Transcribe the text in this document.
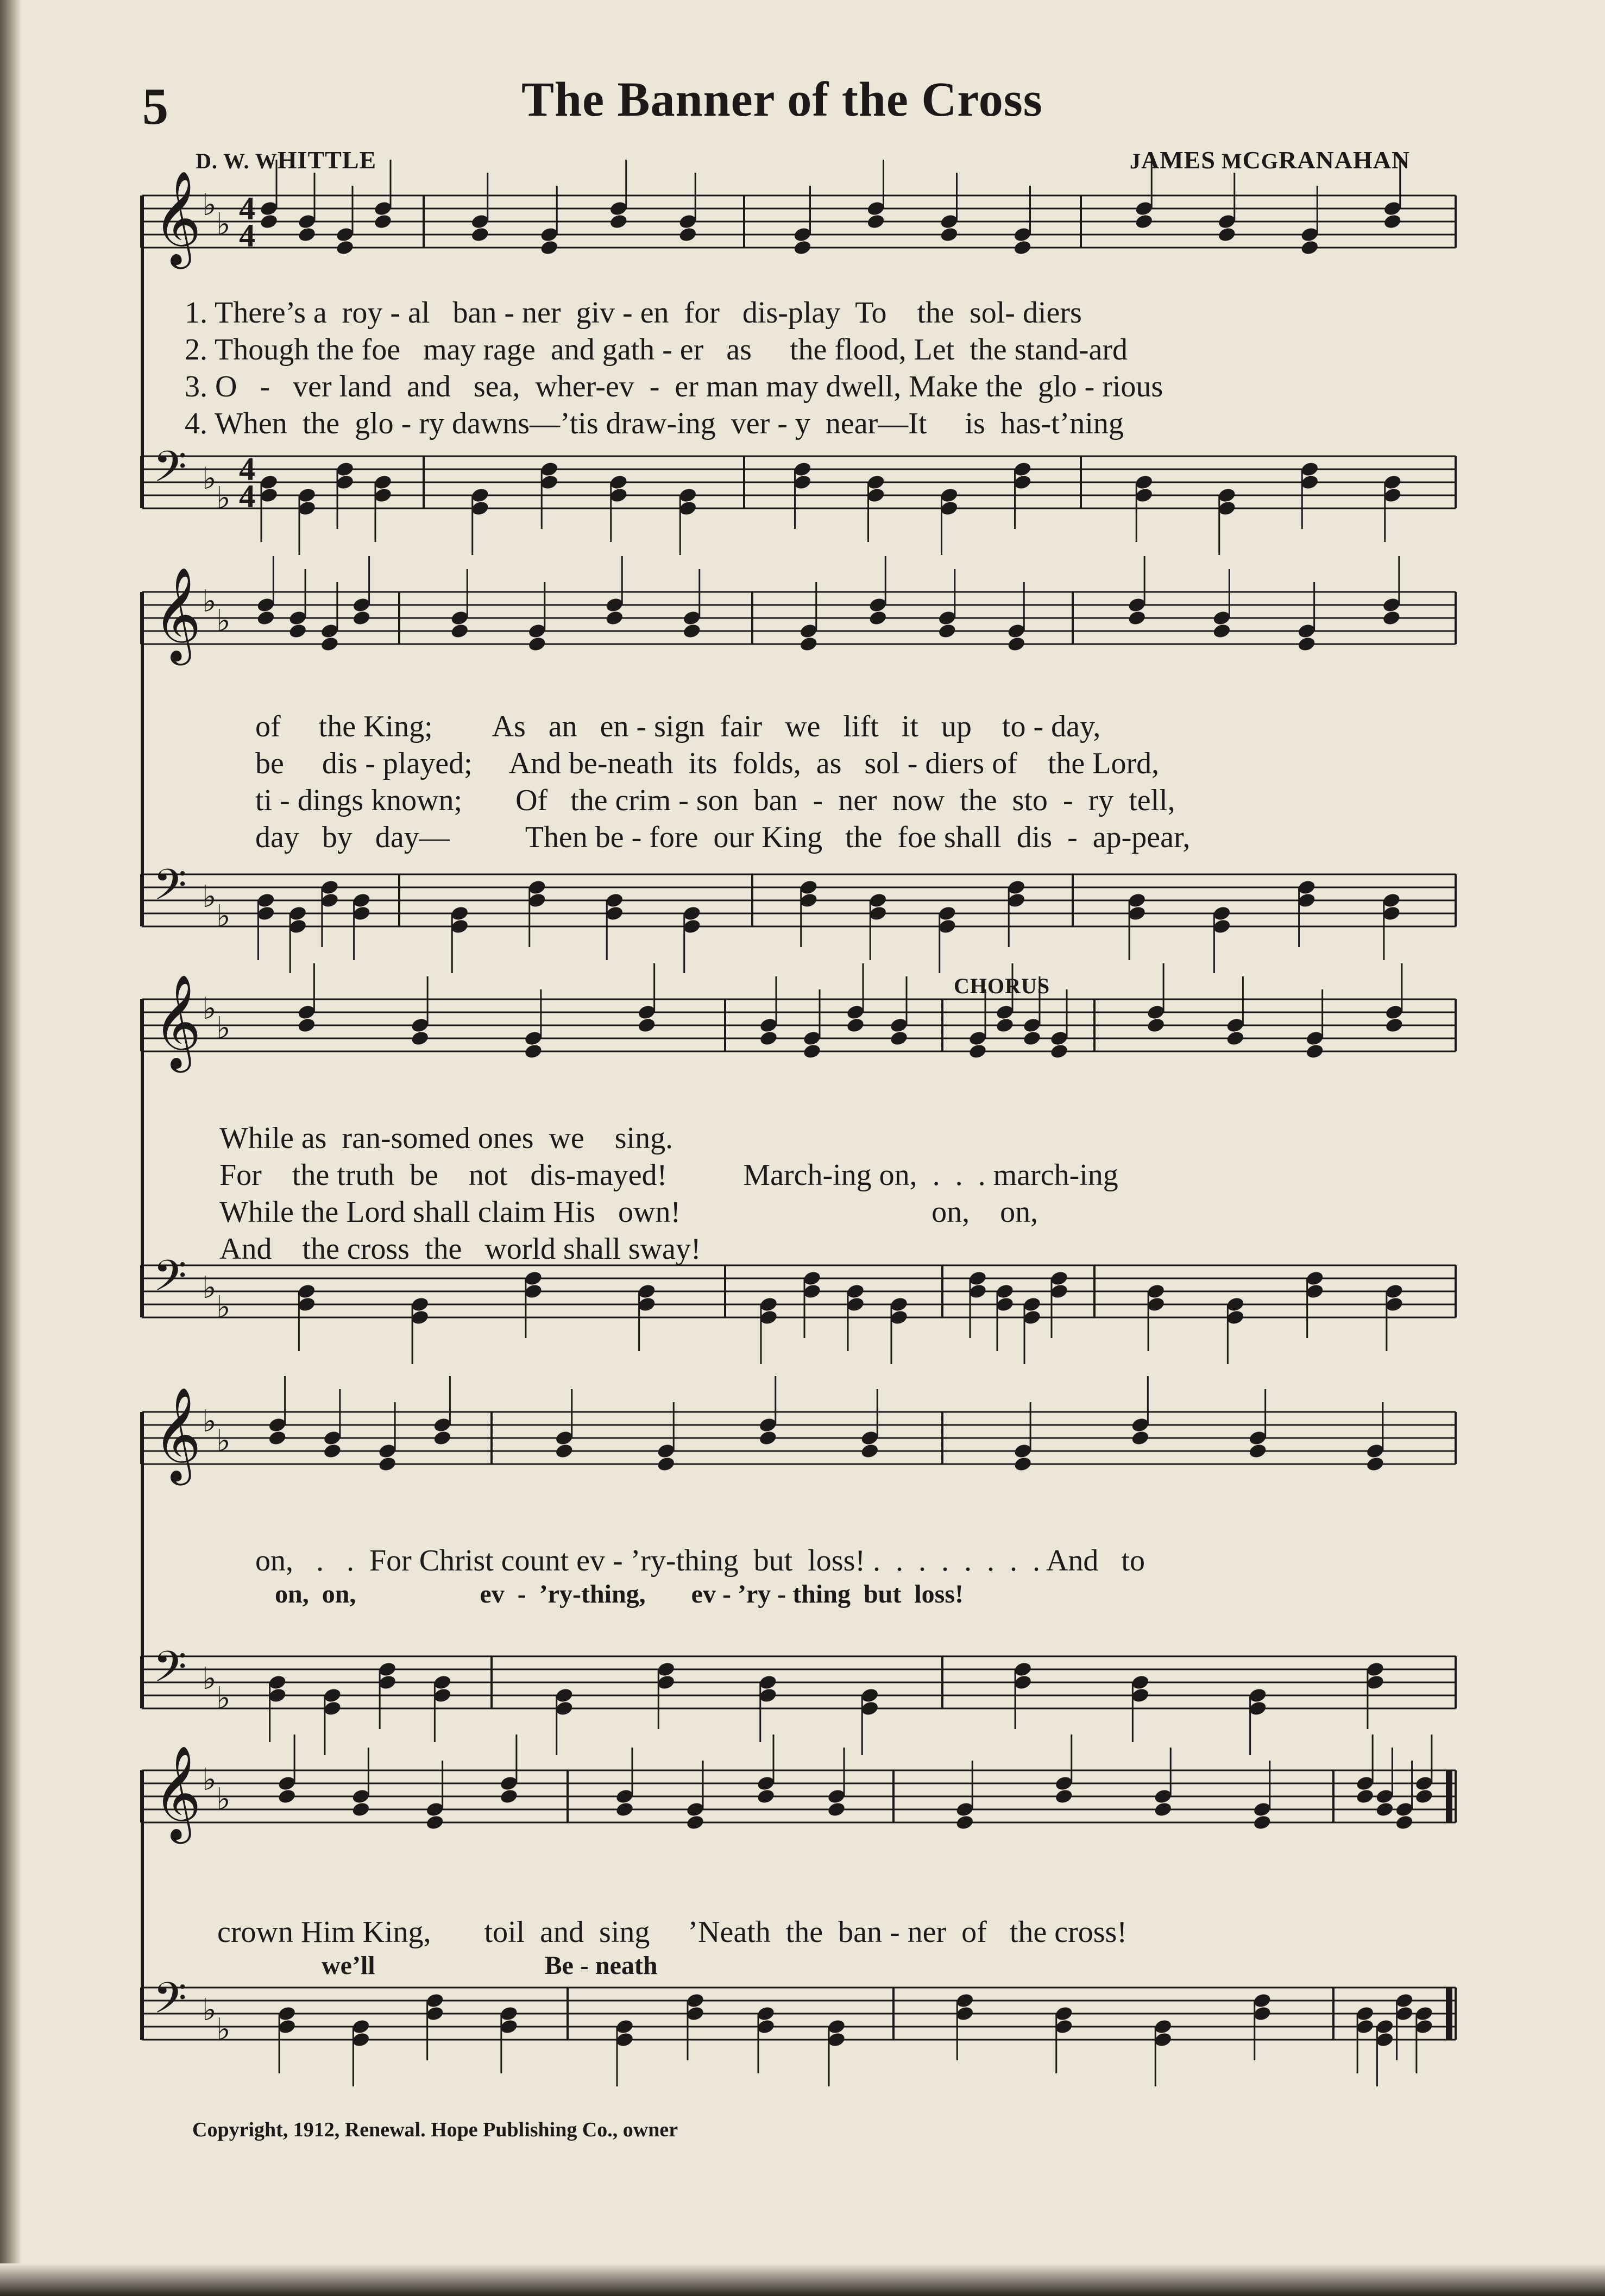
5	The Banner of the Cross
D. W. WHITTLE	JAMES MCGRANAHAN
𝄞 ♭
♭
𝄢 ♭
♭
4
4
4
4
𝄞 ♭
♭
𝄢 ♭
♭
𝄞 ♭
♭
𝄢 ♭
♭
𝄞 ♭
♭
𝄢 ♭
♭
𝄞 ♭
♭
𝄢 ♭
♭
1. There’s a  roy - al   ban - ner  giv - en  for   dis-play  To    the  sol- diers
2. Though the foe   may rage  and gath - er   as     the flood, Let  the stand-ard
3. O   -   ver land  and   sea,  wher-ev  -  er man may dwell, Make the  glo - rious
4. When  the  glo - ry dawns—’tis draw-ing  ver - y  near—It     is  has-t’ning
of     the King;        As   an   en - sign  fair   we   lift   it   up    to - day,
be     dis - played;     And be-neath  its  folds,  as   sol - diers of    the Lord,
ti - dings known;       Of   the crim - son  ban  -  ner  now  the  sto  -  ry  tell,
day   by   day—          Then be - fore  our King   the  foe shall  dis  -  ap-pear,
CHORUS
While as  ran-somed ones  we    sing.
For    the truth  be    not   dis-mayed!          March-ing on,  .  .  . march-ing
While the Lord shall claim His   own!                                 on,    on,
And    the cross  the   world shall sway!
on,   .   .  For Christ count ev - ’ry-thing  but  loss! .  .  .  .  .  .  .  . And   to
on,  on,                   ev  -  ’ry-thing,       ev - ’ry - thing  but  loss!
crown Him King,       toil  and  sing     ’Neath  the  ban - ner  of   the cross!
we’ll                          Be - neath
Copyright, 1912, Renewal. Hope Publishing Co., owner
